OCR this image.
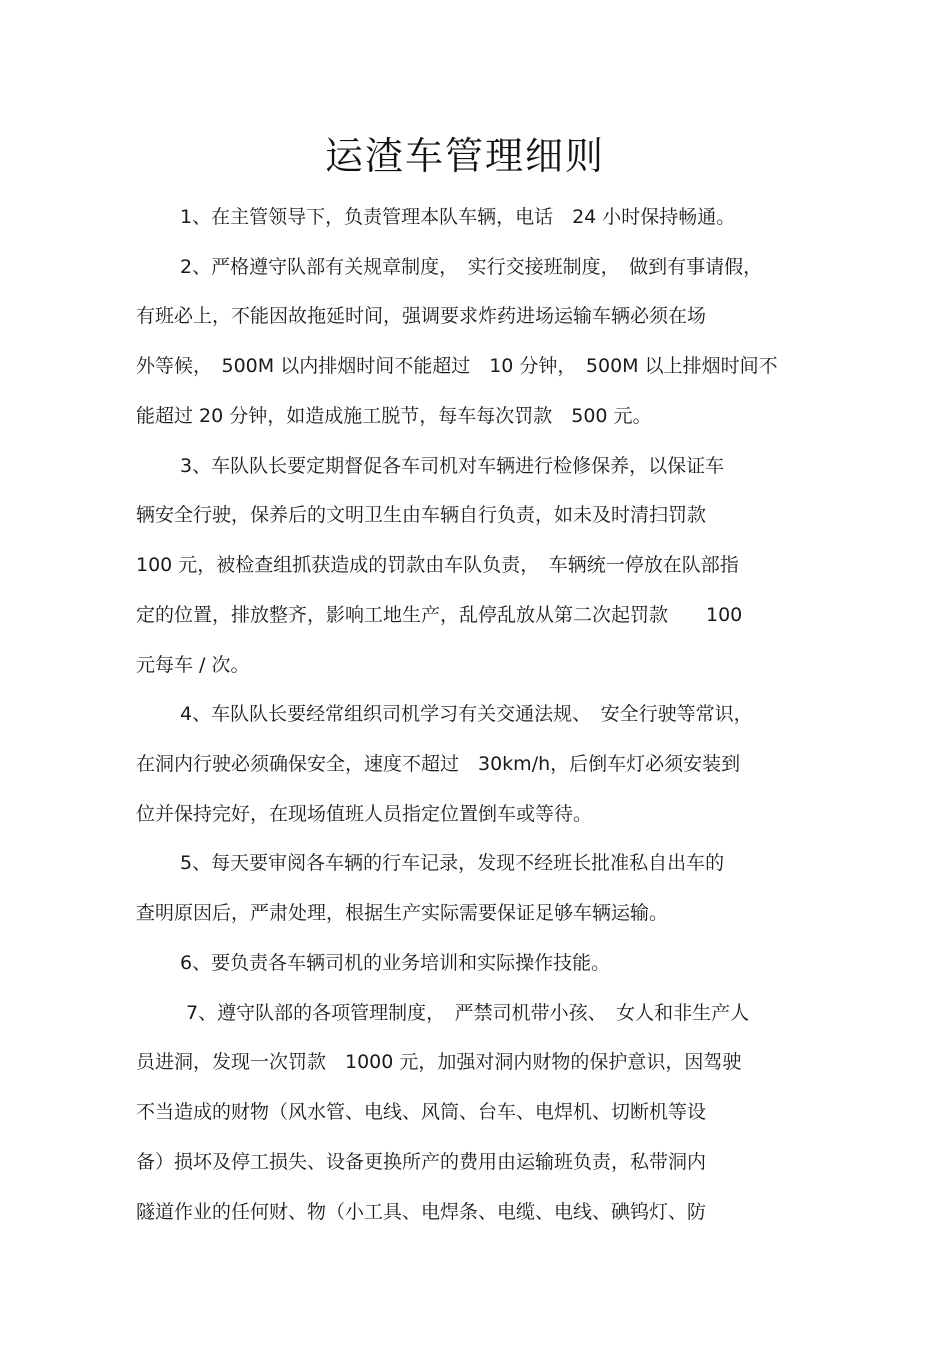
运渣车管理细则
1、在主管领导下，负责管理本队车辆，电话　24 小时保持畅通。
2、严格遵守队部有关规章制度，　实行交接班制度，　做到有事请假，
有班必上，不能因故拖延时间，强调要求炸药进场运输车辆必须在场
外等候，　500M 以内排烟时间不能超过　10 分钟，　500M 以上排烟时间不
能超过 20 分钟，如造成施工脱节，每车每次罚款　500 元。
3、车队队长要定期督促各车司机对车辆进行检修保养，以保证车
辆安全行驶，保养后的文明卫生由车辆自行负责，如未及时清扫罚款
100 元，被检查组抓获造成的罚款由车队负责，　车辆统一停放在队部指
定的位置，排放整齐，影响工地生产，乱停乱放从第二次起罚款　　100
元每车 / 次。
4、车队队长要经常组织司机学习有关交通法规、　安全行驶等常识，
在洞内行驶必须确保安全，速度不超过　30km/h，后倒车灯必须安装到
位并保持完好，在现场值班人员指定位置倒车或等待。
5、每天要审阅各车辆的行车记录，发现不经班长批准私自出车的
查明原因后，严肃处理，根据生产实际需要保证足够车辆运输。
6、要负责各车辆司机的业务培训和实际操作技能。
7、遵守队部的各项管理制度，　严禁司机带小孩、　女人和非生产人
员进洞，发现一次罚款　1000 元，加强对洞内财物的保护意识，因驾驶
不当造成的财物（风水管、电线、风筒、台车、电焊机、切断机等设
备）损坏及停工损失、设备更换所产的费用由运输班负责，私带洞内
隧道作业的任何财、物（小工具、电焊条、电缆、电线、碘钨灯、防
